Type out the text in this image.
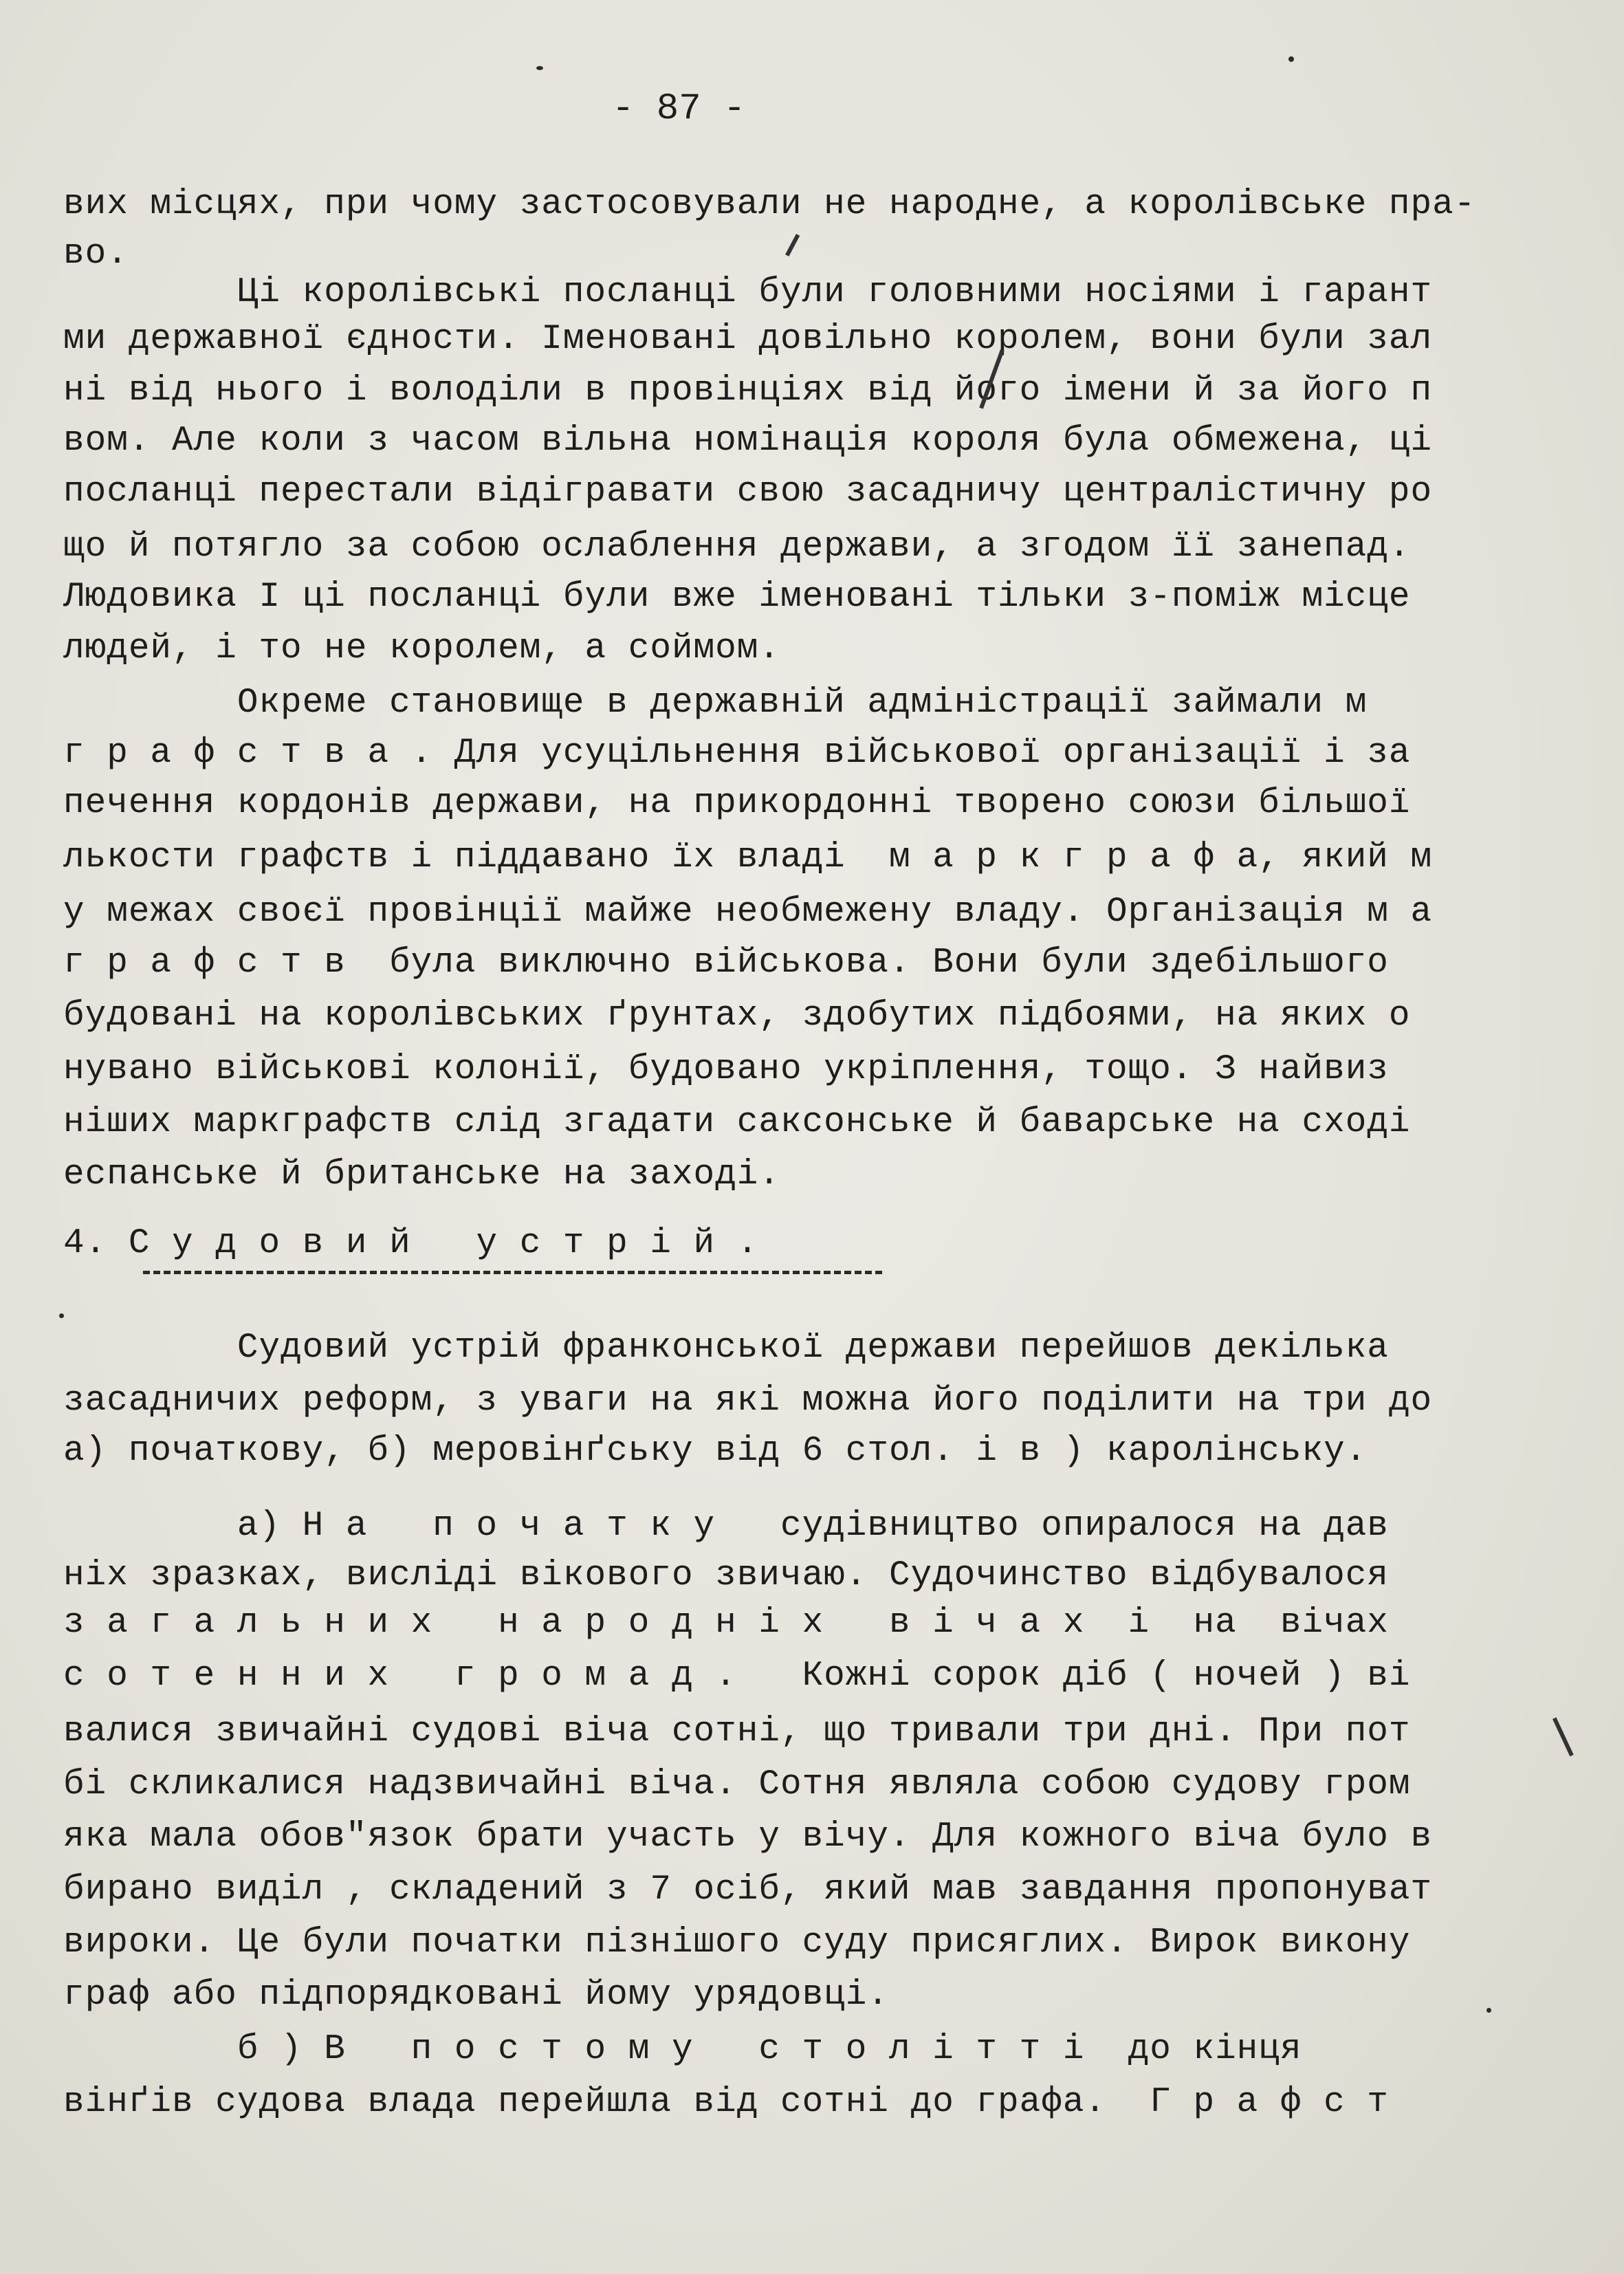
- 87 -
вих місцях, при чому застосовували не народне, а королівське пра-
во.
Ці королівські посланці були головними носіями і гарант
ми державної єдности. Іменовані довільно королем, вони були зал
ні від нього і володіли в провінціях від його імени й за його п
вом. Але коли з часом вільна номінація короля була обмежена, ці
посланці перестали відігравати свою засадничу централістичну ро
що й потягло за собою ослаблення держави, а згодом її занепад.
Людовика I ці посланці були вже іменовані тільки з-поміж місце
людей, і то не королем, а соймом.
Окреме становище в державній адміністрації займали м
г р а ф с т в а . Для усуцільнення військової організації і за
печення кордонів держави, на прикордонні творено союзи більшої
лькости графств і піддавано їх владі  м а р к г р а ф а, який м
у межах своєї провінції майже необмежену владу. Організація м а
г р а ф с т в  була виключно військова. Вони були здебільшого
будовані на королівських ґрунтах, здобутих підбоями, на яких о
нувано військові колонії, будовано укріплення, тощо. З найвиз
ніших маркграфств слід згадати саксонське й баварське на сході
еспанське й британське на заході.
4. С у д о в и й   у с т р і й .
Судовий устрій франконської держави перейшов декілька
засадничих реформ, з уваги на які можна його поділити на три до
а) початкову, б) меровінґську від 6 стол. і в ) каролінську.
а) Н а   п о ч а т к у   судівництво опиралося на дав
ніх зразках, висліді вікового звичаю. Судочинство відбувалося
з а г а л ь н и х   н а р о д н і х   в і ч а х  і  на  вічах
с о т е н н и х   г р о м а д .   Кожні сорок діб ( ночей ) ві
валися звичайні судові віча сотні, що тривали три дні. При пот
бі скликалися надзвичайні віча. Сотня являла собою судову гром
яка мала обов"язок брати участь у вічу. Для кожного віча було в
бирано виділ , складений з 7 осіб, який мав завдання пропонуват
вироки. Це були початки пізнішого суду присяглих. Вирок викону
граф або підпорядковані йому урядовці.
б ) В   п о с т о м у   с т о л і т т і  до кінця
вінґів судова влада перейшла від сотні до графа.  Г р а ф с т
